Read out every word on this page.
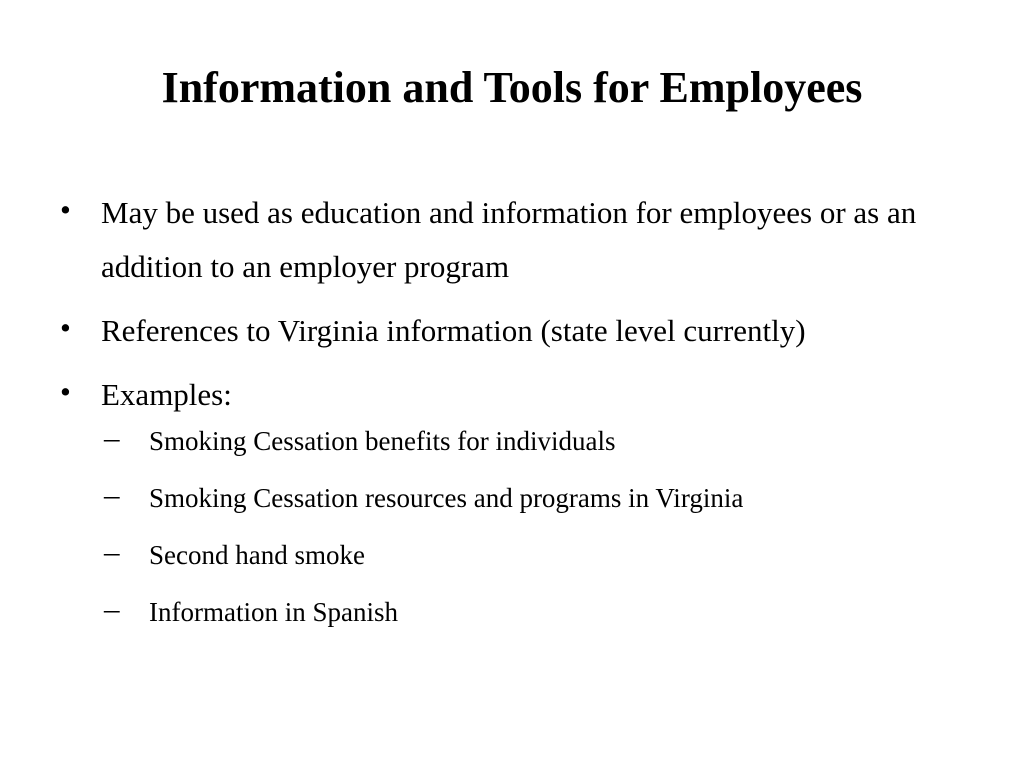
Information and Tools for Employees
• May be used as education and information for employees or as an addition to an employer program
• References to Virginia information (state level currently)
• Examples:
– Smoking Cessation benefits for individuals
– Smoking Cessation resources and programs in Virginia
– Second hand smoke
– Information in Spanish
